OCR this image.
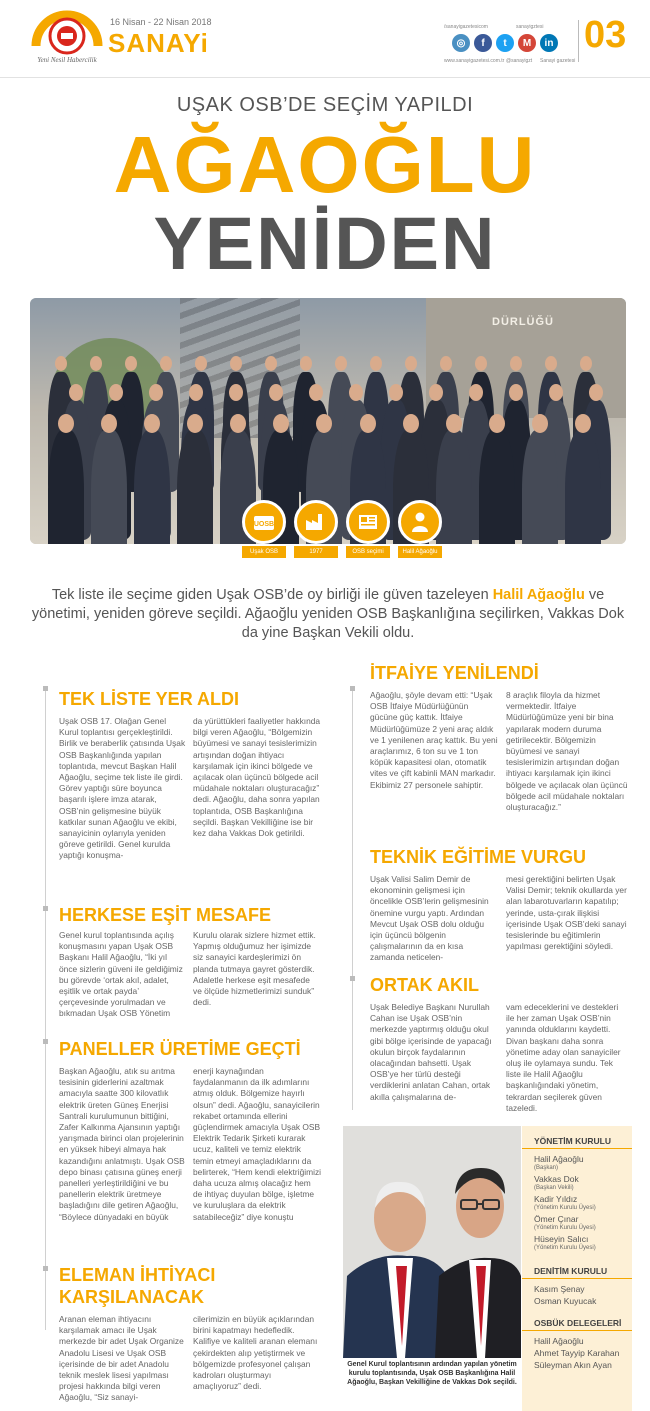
Yeni Nesil Habercilik
16 Nisan - 22 Nisan 2018
SANAYi
/sanayigazetesicom	sanayigztesi
◎	f	t	M	in
www.sanayigazetesi.com.tr @sanayigzt Sanayi gazetesi
03
UŞAK OSB’DE SEÇİM YAPILDI
AĞAOĞLU
YENİDEN
DÜRLÜĞÜ
UOSB
Uşak OSB	1977	OSB seçimi	Halil Ağaoğlu
Tek liste ile seçime giden Uşak OSB’de oy birliği ile güven tazeleyen Halil Ağaoğlu ve yönetimi, yeniden göreve seçildi. Ağaoğlu yeniden OSB Başkanlığına seçilirken, Vakkas Dok da yine Başkan Vekili oldu.
TEK LİSTE YER ALDI
Uşak OSB 17. Olağan Genel Kurul toplantısı gerçekleştirildi. Birlik ve beraberlik çatısında Uşak OSB Başkanlığında yapılan toplantıda, mevcut Başkan Halil Ağaoğlu, seçime tek liste ile girdi. Görev yaptığı süre boyunca başarılı işlere imza atarak, OSB’nin gelişmesine büyük katkılar sunan Ağaoğlu ve ekibi, sanayicinin oylarıyla yeniden göreve getirildi. Genel kurulda yaptığı konuşma-
da yürüttükleri faaliyetler hakkında bilgi veren Ağaoğlu, “Bölgemizin büyümesi ve sanayi tesislerimizin artışından doğan ihtiyacı karşılamak için ikinci bölgede ve açılacak olan üçüncü bölgede acil müdahale noktaları oluşturacağız” dedi. Ağaoğlu, daha sonra yapılan toplantıda, OSB Başkanlığına seçildi. Başkan Vekilliğine ise bir kez daha Vakkas Dok getirildi.
HERKESE EŞİT MESAFE
Genel kurul toplantısında açılış konuşmasını yapan Uşak OSB Başkanı Halil Ağaoğlu, “İki yıl önce sizlerin güveni ile geldiğimiz bu görevde ‘ortak akıl, adalet, eşitlik ve ortak payda’ çerçevesinde yorulmadan ve bıkmadan Uşak OSB Yönetim
Kurulu olarak sizlere hizmet ettik. Yapmış olduğumuz her işimizde siz sanayici kardeşlerimizi ön planda tutmaya gayret gösterdik. Adaletle herkese eşit mesafede ve ölçüde hizmetlerimizi sunduk” dedi.
PANELLER ÜRETİME GEÇTİ
Başkan Ağaoğlu, atık su arıtma tesisinin giderlerini azaltmak amacıyla saatte 300 kilovatlık elektrik üreten Güneş Enerjisi Santrali kurulumunun bittiğini, Zafer Kalkınma Ajansının yaptığı yarışmada birinci olan projelerinin en yüksek hibeyi almaya hak kazandığını anlatmıştı. Uşak OSB depo binası çatısına güneş enerji panelleri yerleştirildiğini ve bu panellerin elektrik üretmeye başladığını dile getiren Ağaoğlu, “Böylece dünyadaki en büyük
enerji kaynağından faydalanmanın da ilk adımlarını atmış olduk. Bölgemize hayırlı olsun” dedi. Ağaoğlu, sanayicilerin rekabet ortamında ellerini güçlendirmek amacıyla Uşak OSB Elektrik Tedarik Şirketi kurarak ucuz, kaliteli ve temiz elektrik temin etmeyi amaçladıklarını da belirterek, “Hem kendi elektriğimizi daha ucuza almış olacağız hem de ihtiyaç duyulan bölge, işletme ve kuruluşlara da elektrik satabileceğiz” diye konuştu
ELEMAN İHTİYACI
KARŞILANACAK
Aranan eleman ihtiyacını karşılamak amacı ile Uşak merkezde bir adet Uşak Organize Anadolu Lisesi ve Uşak OSB içerisinde de bir adet Anadolu teknik meslek lisesi yapılması projesi hakkında bilgi veren Ağaoğlu, “Siz sanayi-
cilerimizin en büyük açıklarından birini kapatmayı hedefledik. Kalifiye ve kaliteli aranan elemanı çekirdekten alıp yetiştirmek ve bölgemizde profesyonel çalışan kadroları oluşturmayı amaçlıyoruz” dedi.
İTFAİYE YENİLENDİ
Ağaoğlu, şöyle devam etti: “Uşak OSB İtfaiye Müdürlüğünün gücüne güç kattık. İtfaiye Müdürlüğümüze 2 yeni araç aldık ve 1 yenilenen araç kattık. Bu yeni araçlarımız, 6 ton su ve 1 ton köpük kapasitesi olan, otomatik vites ve çift kabinli MAN markadır. Ekibimiz 27 personele sahiptir.
8 araçlık filoyla da hizmet vermektedir. İtfaiye Müdürlüğümüze yeni bir bina yapılarak modern duruma getirilecektir. Bölgemizin büyümesi ve sanayi tesislerimizin artışından doğan ihtiyacı karşılamak için ikinci bölgede ve açılacak olan üçüncü bölgede acil müdahale noktaları oluşturacağız.”
TEKNİK EĞİTİME VURGU
Uşak Valisi Salim Demir de ekonominin gelişmesi için öncelikle OSB’lerin gelişmesinin önemine vurgu yaptı. Ardından Mevcut Uşak OSB dolu olduğu için üçüncü bölgenin çalışmalarının da en kısa zamanda neticelen-
mesi gerektiğini belirten Uşak Valisi Demir; teknik okullarda yer alan labarotuvarların kapatılıp; yerinde, usta-çırak ilişkisi içerisinde Uşak OSB’deki sanayi tesislerinde bu eğitimlerin yapılması gerektiğini söyledi.
ORTAK AKIL
Uşak Belediye Başkanı Nurullah Cahan ise Uşak OSB’nin merkezde yaptırmış olduğu okul gibi bölge içerisinde de yapacağı okulun birçok faydalarının olacağından bahsetti. Uşak OSB’ye her türlü desteği verdiklerini anlatan Cahan, ortak akılla çalışmalarına de-
vam edeceklerini ve destekleri ile her zaman Uşak OSB’nin yanında olduklarını kaydetti. Divan başkanı daha sonra yönetime aday olan sanayiciler oluş ile oylamaya sundu. Tek liste ile Halil Ağaoğlu başkanlığındaki yönetim, tekrardan seçilerek güven tazeledi.
Genel Kurul toplantısının ardından yapılan yönetim kurulu toplantısında, Uşak OSB Başkanlığına Halil Ağaoğlu, Başkan Vekilliğine de Vakkas Dok seçildi.
YÖNETİM KURULU
Halil Ağaoğlu
(Başkan)
Vakkas Dok
(Başkan Vekili)
Kadir Yıldız
(Yönetim Kurulu Üyesi)
Ömer Çınar
(Yönetim Kurulu Üyesi)
Hüseyin Salıcı
(Yönetim Kurulu Üyesi)
DENİTİM KURULU
Kasım Şenay
Osman Kuyucak
OSBÜK DELEGELERİ
Halil Ağaoğlu
Ahmet Tayyip Karahan
Süleyman Akın Ayan
